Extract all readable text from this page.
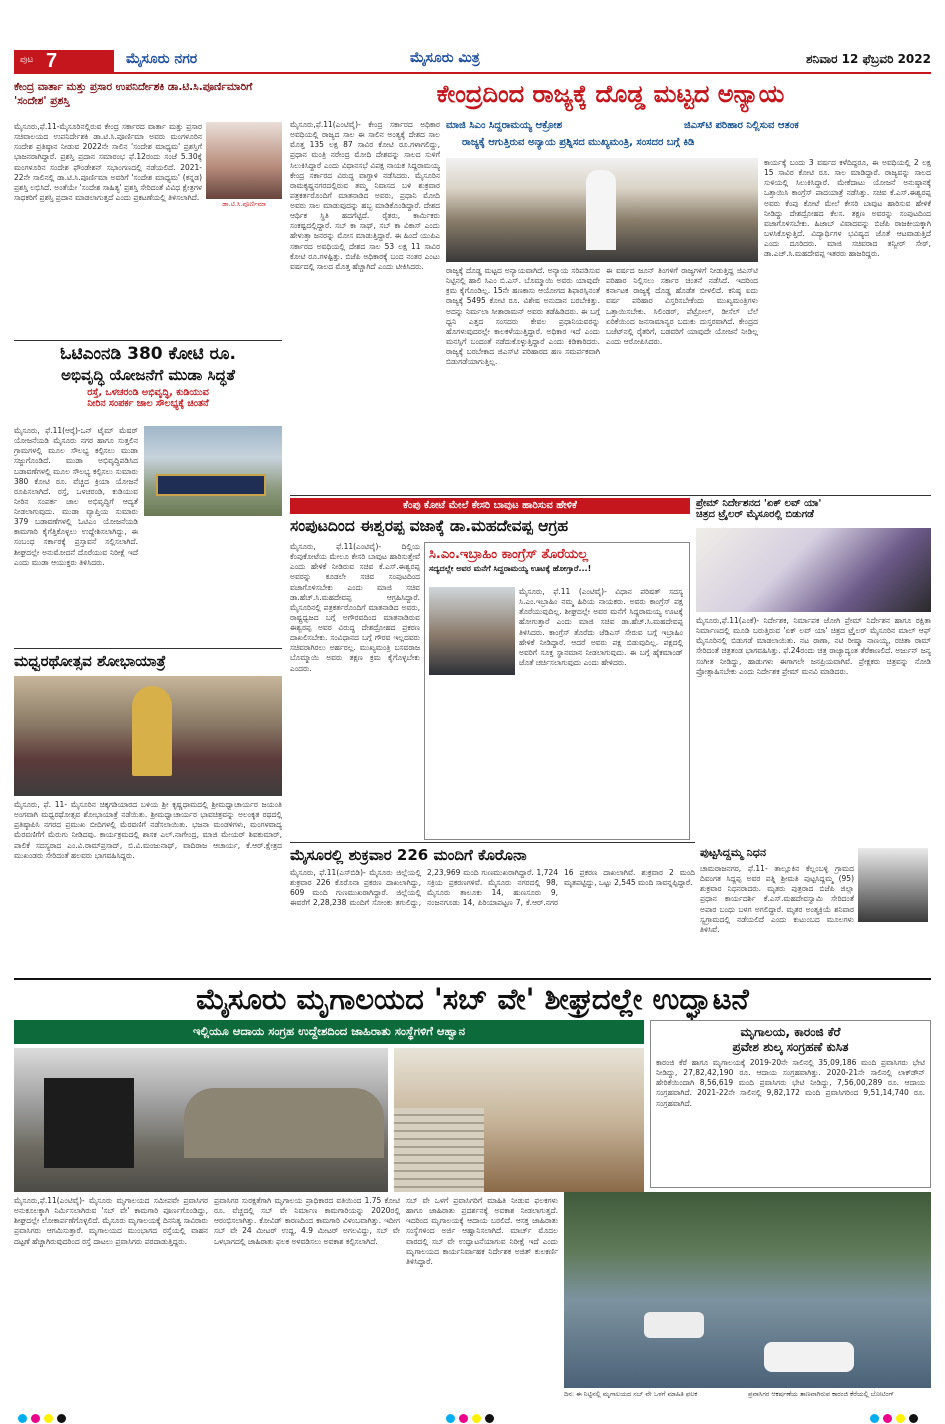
ಪುಟ 7	ಮೈಸೂರು ನಗರ	ಮೈಸೂರು ಮಿತ್ರ	ಶನಿವಾರ 12 ಫೆಬ್ರವರಿ 2022
ಕೇಂದ್ರ ವಾರ್ತಾ ಮತ್ತು ಪ್ರಸಾರ ಉಪನಿರ್ದೇಶಕಿ ಡಾ.ಟಿ.ಸಿ.ಪೂರ್ಣಿಮಾರಿಗೆ 'ಸಂದೇಶ' ಪ್ರಶಸ್ತಿ
ಡಾ.ಟಿ.ಸಿ.ಪೂರ್ಣಿಮಾ
ಮೈಸೂರು,ಫೆ.11-ಮೈಸೂರಿನಲ್ಲಿರುವ ಕೇಂದ್ರ ಸರ್ಕಾರದ ವಾರ್ತಾ ಮತ್ತು ಪ್ರಸಾರ ಸಚಿವಾಲಯದ ಉಪನಿರ್ದೇಶಕಿ ಡಾ.ಟಿ.ಸಿ.ಪೂರ್ಣಿಮಾ ಅವರು ಮಂಗಳೂರಿನ ಸಂದೇಶ ಪ್ರತಿಷ್ಠಾನ ನೀಡುವ 2022ನೇ ಸಾಲಿನ 'ಸಂದೇಶ ಮಾಧ್ಯಮ' ಪ್ರಶಸ್ತಿಗೆ ಭಾಜನರಾಗಿದ್ದಾರೆ. ಪ್ರಶಸ್ತಿ ಪ್ರದಾನ ಸಮಾರಂಭ ಫೆ.12ರಂದು ಸಂಜೆ 5.30ಕ್ಕೆ ಮಂಗಳೂರಿನ ಸಂದೇಶ ಫೌಂಡೇಶನ್ ಸಭಾಂಗಣದಲ್ಲಿ ನಡೆಯಲಿದೆ. 2021-22ನೇ ಸಾಲಿನಲ್ಲಿ ಡಾ.ಟಿ.ಸಿ.ಪೂರ್ಣಿಮಾ ಅವರಿಗೆ 'ಸಂದೇಶ ಮಾಧ್ಯಮ' (ಕನ್ನಡ) ಪ್ರಶಸ್ತಿ ಲಭಿಸಿದೆ. ಅಂತೆಯೇ 'ಸಂದೇಶ ಸಾಹಿತ್ಯ' ಪ್ರಶಸ್ತಿ ಸೇರಿದಂತೆ ವಿವಿಧ ಕ್ಷೇತ್ರಗಳ ಸಾಧಕರಿಗೆ ಪ್ರಶಸ್ತಿ ಪ್ರದಾನ ಮಾಡಲಾಗುತ್ತದೆ ಎಂದು ಪ್ರಕಟಣೆಯಲ್ಲಿ ತಿಳಿಸಲಾಗಿದೆ.
ಓಟಿಎಂನಡಿ 380 ಕೋಟಿ ರೂ.
ಅಭಿವೃದ್ಧಿ ಯೋಜನೆಗೆ ಮುಡಾ ಸಿದ್ಧತೆ
ರಸ್ತೆ, ಒಳಚರಂಡಿ ಅಭಿವೃದ್ಧಿ, ಕುಡಿಯುವ
ನೀರಿನ ಸಂಪರ್ಕ ಜಾಲ ಸೌಲಭ್ಯಕ್ಕೆ ಚಿಂತನೆ
ಮೈಸೂರು, ಫೆ.11(ಆರ್‍ಕೆ)-ಒನ್ ಟೈಮ್ ಮೆಷರ್ ಯೋಜನೆಯಡಿ ಮೈಸೂರು ನಗರ ಹಾಗೂ ಸುತ್ತಲಿನ ಗ್ರಾಮಗಳಲ್ಲಿ ಮೂಲ ಸೌಲಭ್ಯ ಕಲ್ಪಿಸಲು ಮುಡಾ ಸಜ್ಜುಗೊಂಡಿದೆ. ಮುಡಾ ಅಭಿವೃದ್ಧಿಪಡಿಸಿದ ಬಡಾವಣೆಗಳಲ್ಲಿ ಮೂಲ ಸೌಲಭ್ಯ ಕಲ್ಪಿಸಲು ಸುಮಾರು 380 ಕೋಟಿ ರೂ. ವೆಚ್ಚದ ಕ್ರಿಯಾ ಯೋಜನೆ ರೂಪಿಸಲಾಗಿದೆ. ರಸ್ತೆ, ಒಳಚರಂಡಿ, ಕುಡಿಯುವ ನೀರಿನ ಸಂಪರ್ಕ ಜಾಲ ಅಭಿವೃದ್ಧಿಗೆ ಆದ್ಯತೆ ನೀಡಲಾಗುವುದು. ಮುಡಾ ವ್ಯಾಪ್ತಿಯ ಸುಮಾರು 379 ಬಡಾವಣೆಗಳಲ್ಲಿ ಓಟಿಎಂ ಯೋಜನೆಯಡಿ ಕಾಮಗಾರಿ ಕೈಗೆತ್ತಿಕೊಳ್ಳಲು ಉದ್ದೇಶಿಸಲಾಗಿದ್ದು, ಈ ಸಂಬಂಧ ಸರ್ಕಾರಕ್ಕೆ ಪ್ರಸ್ತಾವನೆ ಸಲ್ಲಿಸಲಾಗಿದೆ. ಶೀಘ್ರದಲ್ಲೇ ಅನುಮೋದನೆ ದೊರೆಯುವ ನಿರೀಕ್ಷೆ ಇದೆ ಎಂದು ಮುಡಾ ಆಯುಕ್ತರು ತಿಳಿಸಿದರು.
ಮಧ್ವರಥೋತ್ಸವ ಶೋಭಾಯಾತ್ರೆ
ಮೈಸೂರು, ಫೆ. 11- ಮೈಸೂರಿನ ಚಿಕ್ಕಗಡಿಯಾರದ ಬಳಿಯ ಶ್ರೀ ಕೃಷ್ಣಧಾಮದಲ್ಲಿ ಶ್ರೀಮಧ್ವಾಚಾರ್ಯರ ಜಯಂತಿ ಅಂಗವಾಗಿ ಮಧ್ವರಥೋತ್ಸವ ಶೋಭಾಯಾತ್ರೆ ನಡೆಯಿತು. ಶ್ರೀಮಧ್ವಾಚಾರ್ಯರ ಭಾವಚಿತ್ರವನ್ನು ಅಲಂಕೃತ ರಥದಲ್ಲಿ ಪ್ರತಿಷ್ಠಾಪಿಸಿ ನಗರದ ಪ್ರಮುಖ ಬೀದಿಗಳಲ್ಲಿ ಮೆರವಣಿಗೆ ನಡೆಸಲಾಯಿತು. ಭಜನಾ ಮಂಡಳಿಗಳು, ಮಂಗಳವಾದ್ಯ ಮೆರವಣಿಗೆಗೆ ಮೆರುಗು ನೀಡಿದವು. ಕಾರ್ಯಕ್ರಮದಲ್ಲಿ ಶಾಸಕ ಎಲ್.ನಾಗೇಂದ್ರ, ಮಾಜಿ ಮೇಯರ್ ಶಿವಕುಮಾರ್, ಪಾಲಿಕೆ ಸದಸ್ಯರಾದ ಎಂ.ವಿ.ರಾಮ್‍ಪ್ರಸಾದ್, ಬಿ.ವಿ.ಮಂಜುನಾಥ್, ವಾದಿರಾಜ ಆಚಾರ್ಯ, ಕೆ.ಆರ್.ಕ್ಷೇತ್ರದ ಮುಖಂಡರು ಸೇರಿದಂತೆ ಹಲವರು ಭಾಗವಹಿಸಿದ್ದರು.
ಕೇಂದ್ರದಿಂದ ರಾಜ್ಯಕ್ಕೆ ದೊಡ್ಡ ಮಟ್ಟದ ಅನ್ಯಾಯ
ಮಾಜಿ ಸಿಎಂ ಸಿದ್ದರಾಮಯ್ಯ ಆಕ್ರೋಶ	ಜಿಎಸ್‍ಟಿ ಪರಿಹಾರ ನಿಲ್ಲಿಸುವ ಆತಂಕ
ರಾಜ್ಯಕ್ಕೆ ಆಗುತ್ತಿರುವ ಅನ್ಯಾಯ ಪ್ರಶ್ನಿಸದ ಮುಖ್ಯಮಂತ್ರಿ, ಸಂಸದರ ಬಗ್ಗೆ ಕಿಡಿ
ಮೈಸೂರು,ಫೆ.11(ಎಂಟಿವೈ)- ಕೇಂದ್ರ ಸರ್ಕಾರದ ಅಧಿಕಾರ ಅವಧಿಯಲ್ಲಿ ರಾಜ್ಯದ ಸಾಲ ಈ ಸಾಲಿನ ಅಂತ್ಯಕ್ಕೆ ದೇಶದ ಸಾಲ ಮೊತ್ತ 135 ಲಕ್ಷ 87 ಸಾವಿರ ಕೋಟಿ ರೂ.ಗಳಾಗಲಿದ್ದು, ಪ್ರಧಾನ ಮಂತ್ರಿ ನರೇಂದ್ರ ಮೋದಿ ದೇಶವನ್ನು ಸಾಲದ ಸುಳಿಗೆ ಸಿಲುಕಿಸಿದ್ದಾರೆ ಎಂದು ವಿಧಾನಸಭೆ ವಿಪಕ್ಷ ನಾಯಕ ಸಿದ್ದರಾಮಯ್ಯ ಕೇಂದ್ರ ಸರ್ಕಾರದ ವಿರುದ್ಧ ವಾಗ್ದಾಳಿ ನಡೆಸಿದರು. ಮೈಸೂರಿನ ರಾಮಕೃಷ್ಣನಗರದಲ್ಲಿರುವ ತಮ್ಮ ನಿವಾಸದ ಬಳಿ ಶುಕ್ರವಾರ ಪತ್ರಕರ್ತರೊಂದಿಗೆ ಮಾತನಾಡಿದ ಅವರು, ಪ್ರಧಾನಿ ಮೋದಿ ಅವರು ಸಾಲ ಮಾಡುವುದನ್ನು ಹಬ್ಬ ಮಾಡಿಕೊಂಡಿದ್ದಾರೆ. ದೇಶದ ಆರ್ಥಿಕ ಸ್ಥಿತಿ ಹದಗೆಟ್ಟಿದೆ. ರೈತರು, ಕಾರ್ಮಿಕರು ಸಂಕಷ್ಟದಲ್ಲಿದ್ದಾರೆ. ಸಬ್ ಕಾ ಸಾಥ್, ಸಬ್ ಕಾ ವಿಕಾಸ್ ಎಂದು ಹೇಳುತ್ತಾ ಜನರನ್ನು ಮೋಸ ಮಾಡುತ್ತಿದ್ದಾರೆ. ಈ ಹಿಂದೆ ಯುಪಿಎ ಸರ್ಕಾರದ ಅವಧಿಯಲ್ಲಿ ದೇಶದ ಸಾಲ 53 ಲಕ್ಷ 11 ಸಾವಿರ ಕೋಟಿ ರೂ.ಗಳಷ್ಟಿತ್ತು. ಬಿಜೆಪಿ ಅಧಿಕಾರಕ್ಕೆ ಬಂದ ನಂತರ ಎಂಟು ವರ್ಷದಲ್ಲಿ ಸಾಲದ ಮೊತ್ತ ಹೆಚ್ಚಾಗಿದೆ ಎಂದು ಟೀಕಿಸಿದರು.	ರಾಜ್ಯಕ್ಕೆ ದೊಡ್ಡ ಮಟ್ಟದ ಅನ್ಯಾಯವಾಗಿದೆ. ಅನ್ಯಾಯ ಸರಿಪಡಿಸುವ ನಿಟ್ಟಿನಲ್ಲಿ ಹಾಲಿ ಸಿಎಂ ಬಿ.ಎಸ್. ಬೊಮ್ಮಾಯಿ ಅವರು ಯಾವುದೇ ಕ್ರಮ ಕೈಗೊಂಡಿಲ್ಲ. 15ನೇ ಹಣಕಾಸು ಆಯೋಗದ ಶಿಫಾರಸ್ಸಿನಂತೆ ರಾಜ್ಯಕ್ಕೆ 5495 ಕೋಟಿ ರೂ. ವಿಶೇಷ ಅನುದಾನ ಬರಬೇಕಿತ್ತು. ಅದನ್ನು ನಿರ್ಮಲಾ ಸೀತಾರಾಮನ್ ಅವರು ತಡೆಹಿಡಿದರು. ಈ ಬಗ್ಗೆ ಧ್ವನಿ ಎತ್ತದ ಸಂಸದರು ಕೇವಲ ಪ್ರಧಾನಿಯವರನ್ನು ಹೊಗಳುವುದರಲ್ಲೇ ಕಾಲಕಳೆಯುತ್ತಿದ್ದಾರೆ. ಅಧಿಕಾರ ಇದೆ ಎಂದು ಮನಸ್ಸಿಗೆ ಬಂದಂತೆ ನಡೆದುಕೊಳ್ಳುತ್ತಿದ್ದಾರೆ ಎಂದು ಕಿಡಿಕಾರಿದರು. ರಾಜ್ಯಕ್ಕೆ ಬರಬೇಕಾದ ಜಿಎಸ್‍ಟಿ ಪರಿಹಾರದ ಹಣ ಸಮರ್ಪಕವಾಗಿ ಬಿಡುಗಡೆಯಾಗುತ್ತಿಲ್ಲ.
ಈ ವರ್ಷದ ಜೂನ್ ತಿಂಗಳಿಗೆ ರಾಜ್ಯಗಳಿಗೆ ನೀಡುತ್ತಿದ್ದ ಜಿಎಸ್‍ಟಿ ಪರಿಹಾರ ನಿಲ್ಲಿಸಲು ಸರ್ಕಾರ ಚಿಂತನೆ ನಡೆಸಿದೆ. ಇದರಿಂದ ಕರ್ನಾಟಕ ರಾಜ್ಯಕ್ಕೆ ದೊಡ್ಡ ಹೊಡೆತ ಬೀಳಲಿದೆ. ಕನಿಷ್ಠ ಐದು ವರ್ಷ ಪರಿಹಾರ ವಿಸ್ತರಿಸಬೇಕೆಂದು ಮುಖ್ಯಮಂತ್ರಿಗಳು ಒತ್ತಾಯಿಸಬೇಕು. ಸಿಲಿಂಡರ್, ಪೆಟ್ರೋಲ್, ಡೀಸೆಲ್ ಬೆಲೆ ಏರಿಕೆಯಿಂದ ಜನಸಾಮಾನ್ಯರ ಬದುಕು ದುಸ್ತರವಾಗಿದೆ. ಕೇಂದ್ರದ ಬಜೆಟ್‍ನಲ್ಲಿ ರೈತರಿಗೆ, ಬಡವರಿಗೆ ಯಾವುದೇ ಯೋಜನೆ ನೀಡಿಲ್ಲ ಎಂದು ಆರೋಪಿಸಿದರು.
ಕಾರ್ಯಕ್ಕೆ ಬಂದು 3 ವರ್ಷದ ಕಳೆದಿದ್ದರೂ, ಈ ಅವಧಿಯಲ್ಲಿ 2 ಲಕ್ಷ 15 ಸಾವಿರ ಕೋಟಿ ರೂ. ಸಾಲ ಮಾಡಿದ್ದಾರೆ. ರಾಜ್ಯವನ್ನು ಸಾಲದ ಸುಳಿಯಲ್ಲಿ ಸಿಲುಕಿಸಿದ್ದಾರೆ. ಮೇಕೆದಾಟು ಯೋಜನೆ ಅನುಷ್ಠಾನಕ್ಕೆ ಒತ್ತಾಯಿಸಿ ಕಾಂಗ್ರೆಸ್ ಪಾದಯಾತ್ರೆ ನಡೆಸಿತ್ತು. ಸಚಿವ ಕೆ.ಎಸ್.ಈಶ್ವರಪ್ಪ ಅವರು ಕೆಂಪು ಕೋಟೆ ಮೇಲೆ ಕೇಸರಿ ಬಾವುಟ ಹಾರಿಸುವ ಹೇಳಿಕೆ ನೀಡಿದ್ದು ದೇಶದ್ರೋಹದ ಕೆಲಸ. ತಕ್ಷಣ ಅವರನ್ನು ಸಂಪುಟದಿಂದ ವಜಾಗೊಳಿಸಬೇಕು. ಹಿಜಾಬ್ ವಿವಾದವನ್ನು ಬಿಜೆಪಿ ರಾಜಕೀಯಕ್ಕಾಗಿ ಬಳಸಿಕೊಳ್ಳುತ್ತಿದೆ. ವಿದ್ಯಾರ್ಥಿಗಳ ಭವಿಷ್ಯದ ಜೊತೆ ಆಟವಾಡುತ್ತಿದೆ ಎಂದು ದೂರಿದರು. ಮಾಜಿ ಸಚಿವರಾದ ತನ್ವೀರ್ ಸೇಠ್, ಡಾ.ಎಚ್.ಸಿ.ಮಹದೇವಪ್ಪ ಇತರರು ಹಾಜರಿದ್ದರು.
ಕೆಂಪು ಕೋಟೆ ಮೇಲೆ ಕೇಸರಿ ಬಾವುಟ ಹಾರಿಸುವ ಹೇಳಿಕೆ
ಸಂಪುಟದಿಂದ ಈಶ್ವರಪ್ಪ ವಜಾಕ್ಕೆ ಡಾ.ಮಹದೇವಪ್ಪ ಆಗ್ರಹ
ಮೈಸೂರು, ಫೆ.11(ಎಂಟಿವೈ)- ದಿಲ್ಲಿಯ ಕೆಂಪುಕೋಟೆಯ ಮೇಲೂ ಕೇಸರಿ ಬಾವುಟ ಹಾರಿಸುತ್ತೇವೆ ಎಂದು ಹೇಳಿಕೆ ನೀಡಿರುವ ಸಚಿವ ಕೆ.ಎಸ್.ಈಶ್ವರಪ್ಪ ಅವರನ್ನು ಕೂಡಲೇ ಸಚಿವ ಸಂಪುಟದಿಂದ ವಜಾಗೊಳಿಸಬೇಕು ಎಂದು ಮಾಜಿ ಸಚಿವ ಡಾ.ಹೆಚ್.ಸಿ.ಮಹದೇವಪ್ಪ ಆಗ್ರಹಿಸಿದ್ದಾರೆ. ಮೈಸೂರಿನಲ್ಲಿ ಪತ್ರಕರ್ತರೊಂದಿಗೆ ಮಾತನಾಡಿದ ಅವರು, ರಾಷ್ಟ್ರಧ್ವಜದ ಬಗ್ಗೆ ಅಗೌರವದಿಂದ ಮಾತನಾಡಿರುವ ಈಶ್ವರಪ್ಪ ಅವರ ವಿರುದ್ಧ ದೇಶದ್ರೋಹದ ಪ್ರಕರಣ ದಾಖಲಿಸಬೇಕು. ಸಂವಿಧಾನದ ಬಗ್ಗೆ ಗೌರವ ಇಲ್ಲದವರು ಸಚಿವರಾಗಿರಲು ಅರ್ಹರಲ್ಲ. ಮುಖ್ಯಮಂತ್ರಿ ಬಸವರಾಜ ಬೊಮ್ಮಾಯಿ ಅವರು ತಕ್ಷಣ ಕ್ರಮ ಕೈಗೊಳ್ಳಬೇಕು ಎಂದರು.
ಸಿ.ಎಂ.ಇಬ್ರಾಹಿಂ ಕಾಂಗ್ರೆಸ್ ತೊರೆಯಲ್ಲ
ಸದ್ಯದಲ್ಲೇ ಅವರ ಮನೆಗೆ ಸಿದ್ದರಾಮಯ್ಯ ಊಟಕ್ಕೆ ಹೋಗ್ತಾರೆ...!
ಮೈಸೂರು, ಫೆ.11 (ಎಂಟಿವೈ)- ವಿಧಾನ ಪರಿಷತ್ ಸದಸ್ಯ ಸಿ.ಎಂ.ಇಬ್ರಾಹಿಂ ನಮ್ಮ ಹಿರಿಯ ನಾಯಕರು. ಅವರು ಕಾಂಗ್ರೆಸ್ ಪಕ್ಷ ತೊರೆಯುವುದಿಲ್ಲ. ಶೀಘ್ರದಲ್ಲೇ ಅವರ ಮನೆಗೆ ಸಿದ್ದರಾಮಯ್ಯ ಊಟಕ್ಕೆ ಹೋಗುತ್ತಾರೆ ಎಂದು ಮಾಜಿ ಸಚಿವ ಡಾ.ಹೆಚ್.ಸಿ.ಮಹದೇವಪ್ಪ ತಿಳಿಸಿದರು. ಕಾಂಗ್ರೆಸ್ ತೊರೆದು ಜೆಡಿಎಸ್ ಸೇರುವ ಬಗ್ಗೆ ಇಬ್ರಾಹಿಂ ಹೇಳಿಕೆ ನೀಡಿದ್ದಾರೆ. ಆದರೆ ಅವರು ಪಕ್ಷ ಬಿಡುವುದಿಲ್ಲ. ಪಕ್ಷದಲ್ಲಿ ಅವರಿಗೆ ಸೂಕ್ತ ಸ್ಥಾನಮಾನ ನೀಡಲಾಗುವುದು. ಈ ಬಗ್ಗೆ ಹೈಕಮಾಂಡ್ ಜೊತೆ ಚರ್ಚಿಸಲಾಗುವುದು ಎಂದು ಹೇಳಿದರು.
ಪ್ರೇಮ್ ನಿರ್ದೇಶನದ 'ಏಕ್ ಲವ್ ಯಾ'
ಚಿತ್ರದ ಟ್ರೈಲರ್ ಮೈಸೂರಲ್ಲಿ ಬಿಡುಗಡೆ
ಮೈಸೂರು,ಫೆ.11(ಎಂಕೆ)- ನಿರ್ದೇಶಕ, ನಿರ್ಮಾಪಕ ಜೋಗಿ ಪ್ರೇಮ್ ನಿರ್ದೇಶನ ಹಾಗೂ ರಕ್ಷಿತಾ ನಿರ್ಮಾಣದಲ್ಲಿ ಮೂಡಿ ಬರುತ್ತಿರುವ 'ಏಕ್ ಲವ್ ಯಾ' ಚಿತ್ರದ ಟ್ರೈಲರ್ ಮೈಸೂರಿನ ಮಾಲ್ ಆಫ್ ಮೈಸೂರಿನಲ್ಲಿ ಬಿಡುಗಡೆ ಮಾಡಲಾಯಿತು. ನಟ ರಾಣಾ, ನಟಿ ರೀಷ್ಮಾ ನಾಣಯ್ಯ, ರಚಿತಾ ರಾಮ್ ಸೇರಿದಂತೆ ಚಿತ್ರತಂಡ ಭಾಗವಹಿಸಿತ್ತು. ಫೆ.24ರಂದು ಚಿತ್ರ ರಾಜ್ಯಾದ್ಯಂತ ತೆರೆಕಾಣಲಿದೆ. ಅರ್ಜುನ್ ಜನ್ಯ ಸಂಗೀತ ನೀಡಿದ್ದು, ಹಾಡುಗಳು ಈಗಾಗಲೇ ಜನಪ್ರಿಯವಾಗಿವೆ. ಪ್ರೇಕ್ಷಕರು ಚಿತ್ರವನ್ನು ನೋಡಿ ಪ್ರೋತ್ಸಾಹಿಸಬೇಕು ಎಂದು ನಿರ್ದೇಶಕ ಪ್ರೇಮ್ ಮನವಿ ಮಾಡಿದರು.
ಮೈಸೂರಲ್ಲಿ ಶುಕ್ರವಾರ 226 ಮಂದಿಗೆ ಕೊರೊನಾ
ಮೈಸೂರು, ಫೆ.11(ಎಸ್‍ಬಿಡಿ)- ಮೈಸೂರು ಜಿಲ್ಲೆಯಲ್ಲಿ ಶುಕ್ರವಾರ 226 ಕೊರೊನಾ ಪ್ರಕರಣ ದಾಖಲಾಗಿದ್ದು, 609 ಮಂದಿ ಗುಣಮುಖರಾಗಿದ್ದಾರೆ. ಜಿಲ್ಲೆಯಲ್ಲಿ ಈವರೆಗೆ 2,28,238 ಮಂದಿಗೆ ಸೋಂಕು ತಗುಲಿದ್ದು, 2,23,969 ಮಂದಿ ಗುಣಮುಖರಾಗಿದ್ದಾರೆ. 1,724 ಸಕ್ರಿಯ ಪ್ರಕರಣಗಳಿವೆ. ಮೈಸೂರು ನಗರದಲ್ಲಿ 98, ಮೈಸೂರು ತಾಲೂಕು 14, ಹುಣಸೂರು 9, ನಂಜನಗೂಡು 14, ಪಿರಿಯಾಪಟ್ಟಣ 7, ಕೆ.ಆರ್.ನಗರ 16 ಪ್ರಕರಣ ದಾಖಲಾಗಿವೆ. ಶುಕ್ರವಾರ 2 ಮಂದಿ ಮೃತಪಟ್ಟಿದ್ದು, ಒಟ್ಟು 2,545 ಮಂದಿ ಸಾವನ್ನಪ್ಪಿದ್ದಾರೆ.
ಪುಟ್ಟಸಿದ್ದಮ್ಮ ನಿಧನ
ಚಾಮರಾಜನಗರ, ಫೆ.11- ತಾಲ್ಲೂಕಿನ ಕೆಲ್ಲಂಬಳ್ಳಿ ಗ್ರಾಮದ ದಿವಂಗತ ಸಿದ್ದಪ್ಪ ಅವರ ಪತ್ನಿ ಶ್ರೀಮತಿ ಪುಟ್ಟಸಿದ್ದಮ್ಮ (95) ಶುಕ್ರವಾರ ನಿಧನರಾದರು. ಮೃತರು ಪುತ್ರರಾದ ಬಿಜೆಪಿ ಜಿಲ್ಲಾ ಪ್ರಧಾನ ಕಾರ್ಯದರ್ಶಿ ಕೆ.ಎಸ್.ಮಹದೇವಸ್ವಾಮಿ ಸೇರಿದಂತೆ ಅಪಾರ ಬಂಧು ಬಳಗ ಅಗಲಿದ್ದಾರೆ. ಮೃತರ ಅಂತ್ಯಕ್ರಿಯೆ ಶನಿವಾರ ಸ್ವಗ್ರಾಮದಲ್ಲಿ ನಡೆಯಲಿದೆ ಎಂದು ಕುಟುಂಬದ ಮೂಲಗಳು ತಿಳಿಸಿವೆ.
ಮೈಸೂರು ಮೃಗಾಲಯದ 'ಸಬ್ ವೇ' ಶೀಘ್ರದಲ್ಲೇ ಉದ್ಘಾಟನೆ
ಇಲ್ಲಿಯೂ ಆದಾಯ ಸಂಗ್ರಹ ಉದ್ದೇಶದಿಂದ ಜಾಹಿರಾತು ಸಂಸ್ಥೆಗಳಿಗೆ ಆಹ್ವಾನ
ಮೈಸೂರು,ಫೆ.11(ಎಂಟಿವೈ)- ಮೈಸೂರು ಮೃಗಾಲಯದ ಸಮೀಪವೇ ಪ್ರವಾಸಿಗರ ಅನುಕೂಲಕ್ಕಾಗಿ ನಿರ್ಮಿಸಲಾಗಿರುವ 'ಸಬ್ ವೇ' ಕಾಮಗಾರಿ ಪೂರ್ಣಗೊಂಡಿದ್ದು, ಶೀಘ್ರದಲ್ಲೇ ಲೋಕಾರ್ಪಣೆಗೊಳ್ಳಲಿದೆ. ಮೈಸೂರು ಮೃಗಾಲಯಕ್ಕೆ ದಿನನಿತ್ಯ ಸಾವಿರಾರು ಪ್ರವಾಸಿಗರು ಆಗಮಿಸುತ್ತಾರೆ. ಮೃಗಾಲಯದ ಮುಂಭಾಗದ ರಸ್ತೆಯಲ್ಲಿ ವಾಹನ ದಟ್ಟಣೆ ಹೆಚ್ಚಾಗಿರುವುದರಿಂದ ರಸ್ತೆ ದಾಟಲು ಪ್ರವಾಸಿಗರು ಪರದಾಡುತ್ತಿದ್ದರು.
ಪ್ರವಾಸಿಗರ ಸುರಕ್ಷತೆಗಾಗಿ ಮೃಗಾಲಯ ಪ್ರಾಧಿಕಾರದ ವತಿಯಿಂದ 1.75 ಕೋಟಿ ರೂ. ವೆಚ್ಚದಲ್ಲಿ ಸಬ್ ವೇ ನಿರ್ಮಾಣ ಕಾಮಗಾರಿಯನ್ನು 2020ರಲ್ಲಿ ಆರಂಭಿಸಲಾಗಿತ್ತು. ಕೋವಿಡ್ ಕಾರಣದಿಂದ ಕಾಮಗಾರಿ ವಿಳಂಬವಾಗಿತ್ತು. ಇದೀಗ ಸಬ್ ವೇ 24 ಮೀಟರ್ ಉದ್ದ, 4.9 ಮೀಟರ್ ಅಗಲವಿದ್ದು, ಸಬ್ ವೇ ಒಳಭಾಗದಲ್ಲಿ ಜಾಹಿರಾತು ಫಲಕ ಅಳವಡಿಸಲು ಅವಕಾಶ ಕಲ್ಪಿಸಲಾಗಿದೆ.
ಸಬ್ ವೇ ಒಳಗೆ ಪ್ರವಾಸಿಗರಿಗೆ ಮಾಹಿತಿ ನೀಡುವ ಫಲಕಗಳು ಹಾಗೂ ಜಾಹಿರಾತು ಪ್ರದರ್ಶನಕ್ಕೆ ಅವಕಾಶ ನೀಡಲಾಗುತ್ತದೆ. ಇದರಿಂದ ಮೃಗಾಲಯಕ್ಕೆ ಆದಾಯ ಬರಲಿದೆ. ಆಸಕ್ತ ಜಾಹಿರಾತು ಸಂಸ್ಥೆಗಳಿಂದ ಅರ್ಜಿ ಆಹ್ವಾನಿಸಲಾಗಿದೆ. ಮಾರ್ಚ್ ಮೊದಲ ವಾರದಲ್ಲಿ ಸಬ್ ವೇ ಉದ್ಘಾಟನೆಯಾಗುವ ನಿರೀಕ್ಷೆ ಇದೆ ಎಂದು ಮೃಗಾಲಯದ ಕಾರ್ಯನಿರ್ವಾಹಕ ನಿರ್ದೇಶಕ ಅಜಿತ್ ಕುಲಕರ್ಣಿ ತಿಳಿಸಿದ್ದಾರೆ.
ಮೃಗಾಲಯ, ಕಾರಂಜಿ ಕೆರೆ
ಪ್ರವೇಶ ಶುಲ್ಕ ಸಂಗ್ರಹಣೆ ಕುಸಿತ
ಕಾರಂಜಿ ಕೆರೆ ಹಾಗೂ ಮೃಗಾಲಯಕ್ಕೆ 2019-20ನೇ ಸಾಲಿನಲ್ಲಿ 35,09,186 ಮಂದಿ ಪ್ರವಾಸಿಗರು ಭೇಟಿ ನೀಡಿದ್ದು, 27,82,42,190 ರೂ. ಆದಾಯ ಸಂಗ್ರಹವಾಗಿತ್ತು. 2020-21ನೇ ಸಾಲಿನಲ್ಲಿ ಲಾಕ್‍ಡೌನ್ ಹೇರಿಕೆಯಿಂದಾಗಿ 8,56,619 ಮಂದಿ ಪ್ರವಾಸಿಗರು ಭೇಟಿ ನೀಡಿದ್ದು, 7,56,00,289 ರೂ. ಆದಾಯ ಸಂಗ್ರಹವಾಗಿದೆ. 2021-22ನೇ ಸಾಲಿನಲ್ಲಿ 9,82,172 ಮಂದಿ ಪ್ರವಾಸಿಗರಿಂದ 9,51,14,740 ರೂ. ಸಂಗ್ರಹವಾಗಿದೆ.
ದಿನ: ಈ ನಿಟ್ಟಿನಲ್ಲಿ ಮೃಗಾಲಯದ ಸಬ್ ವೇ ಒಳಗೆ ಮಾಹಿತಿ ಫಲಕ	ಪ್ರವಾಸಿಗರ ಆಕರ್ಷಣೆಯ ತಾಣವಾಗಿರುವ ಕಾರಂಜಿ ಕೆರೆಯಲ್ಲಿ ಬೋಟಿಂಗ್
